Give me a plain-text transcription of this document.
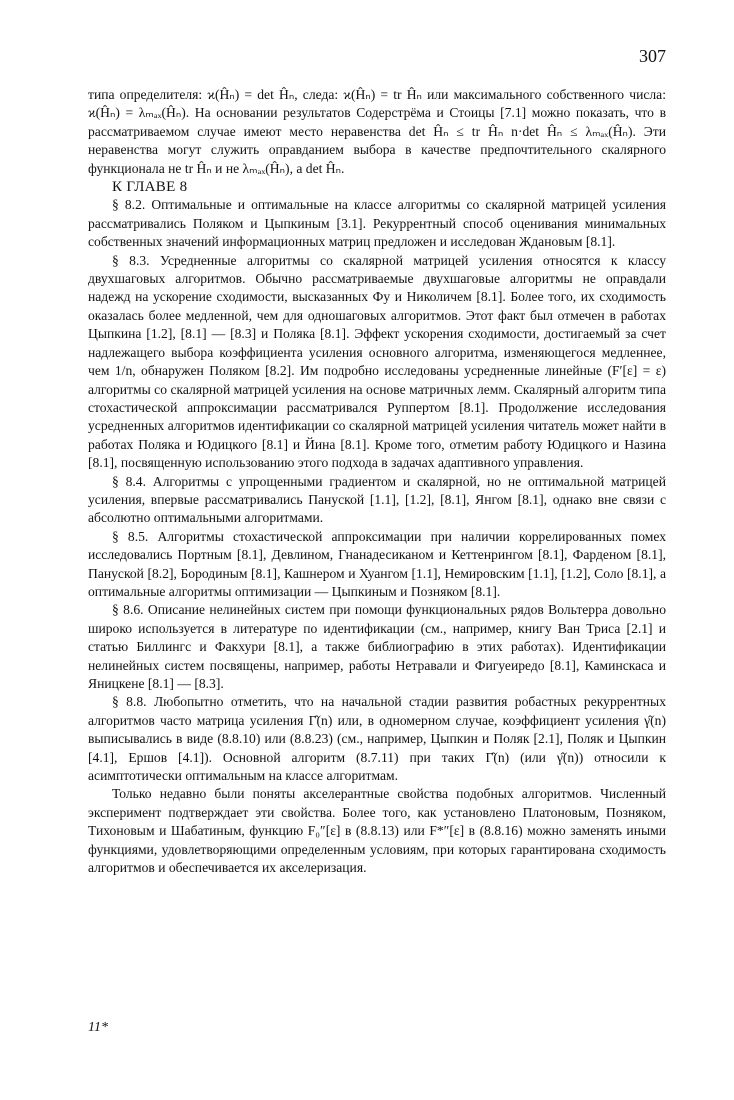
307

типа определителя: ϰ(Ĥₙ) = det Ĥₙ, следа: ϰ(Ĥₙ) = tr Ĥₙ или максимального собственного числа: ϰ(Ĥₙ) = λₘₐₓ(Ĥₙ). На основании результатов Содерстрёма и Стоицы [7.1] можно показать, что в рассматриваемом случае имеют место неравенства det Ĥₙ ≤ tr Ĥₙ n·det Ĥₙ ≤ λₘₐₓ(Ĥₙ). Эти неравенства могут служить оправданием выбора в качестве предпочтительного скалярного функционала не tr Ĥₙ и не λₘₐₓ(Ĥₙ), а det Ĥₙ.

К ГЛАВЕ 8

§ 8.2. Оптимальные и оптимальные на классе алгоритмы со скалярной матрицей усиления рассматривались Поляком и Цыпкиным [3.1]. Рекуррентный способ оценивания минимальных собственных значений информационных матриц предложен и исследован Ждановым [8.1].

§ 8.3. Усредненные алгоритмы со скалярной матрицей усиления относятся к классу двухшаговых алгоритмов. Обычно рассматриваемые двухшаговые алгоритмы не оправдали надежд на ускорение сходимости, высказанных Фу и Николичем [8.1]. Более того, их сходимость оказалась более медленной, чем для одношаговых алгоритмов. Этот факт был отмечен в работах Цыпкина [1.2], [8.1] — [8.3] и Поляка [8.1]. Эффект ускорения сходимости, достигаемый за счет надлежащего выбора коэффициента усиления основного алгоритма, изменяющегося медленнее, чем 1/n, обнаружен Поляком [8.2]. Им подробно исследованы усредненные линейные (F′[ε] = ε) алгоритмы со скалярной матрицей усиления на основе матричных лемм. Скалярный алгоритм типа стохастической аппроксимации рассматривался Руппертом [8.1]. Продолжение исследования усредненных алгоритмов идентификации со скалярной матрицей усиления читатель может найти в работах Поляка и Юдицкого [8.1] и Йина [8.1]. Кроме того, отметим работу Юдицкого и Назина [8.1], посвященную использованию этого подхода в задачах адаптивного управления.

§ 8.4. Алгоритмы с упрощенными градиентом и скалярной, но не оптимальной матрицей усиления, впервые рассматривались Пануской [1.1], [1.2], [8.1], Янгом [8.1], однако вне связи с абсолютно оптимальными алгоритмами.

§ 8.5. Алгоритмы стохастической аппроксимации при наличии коррелированных помех исследовались Портным [8.1], Девлином, Гнанадесиканом и Кеттенрингом [8.1], Фарденом [8.1], Пануской [8.2], Бородиным [8.1], Кашнером и Хуангом [1.1], Немировским [1.1], [1.2], Соло [8.1], а оптимальные алгоритмы оптимизации — Цыпкиным и Позняком [8.1].

§ 8.6. Описание нелинейных систем при помощи функциональных рядов Вольтерра довольно широко используется в литературе по идентификации (см., например, книгу Ван Триса [2.1] и статью Биллингс и Факхури [8.1], а также библиографию в этих работах). Идентификации нелинейных систем посвящены, например, работы Нетравали и Фигуеиредо [8.1], Каминскаса и Яницкене [8.1] — [8.3].

§ 8.8. Любопытно отметить, что на начальной стадии развития робастных рекуррентных алгоритмов часто матрица усиления Γ̂(n) или, в одномерном случае, коэффициент усиления γ̂(n) выписывались в виде (8.8.10) или (8.8.23) (см., например, Цыпкин и Поляк [2.1], Поляк и Цыпкин [4.1], Ершов [4.1]). Основной алгоритм (8.7.11) при таких Γ̂(n) (или γ̂(n)) относили к асимптотически оптимальным на классе алгоритмам.

Только недавно были поняты акселерантные свойства подобных алгоритмов. Численный эксперимент подтверждает эти свойства. Более того, как установлено Платоновым, Позняком, Тихоновым и Шабатиным, функцию F₀″[ε] в (8.8.13) или F*″[ε] в (8.8.16) можно заменять иными функциями, удовлетворяющими определенным условиям, при которых гарантирована сходимость алгоритмов и обеспечивается их акселеризация.

11*
